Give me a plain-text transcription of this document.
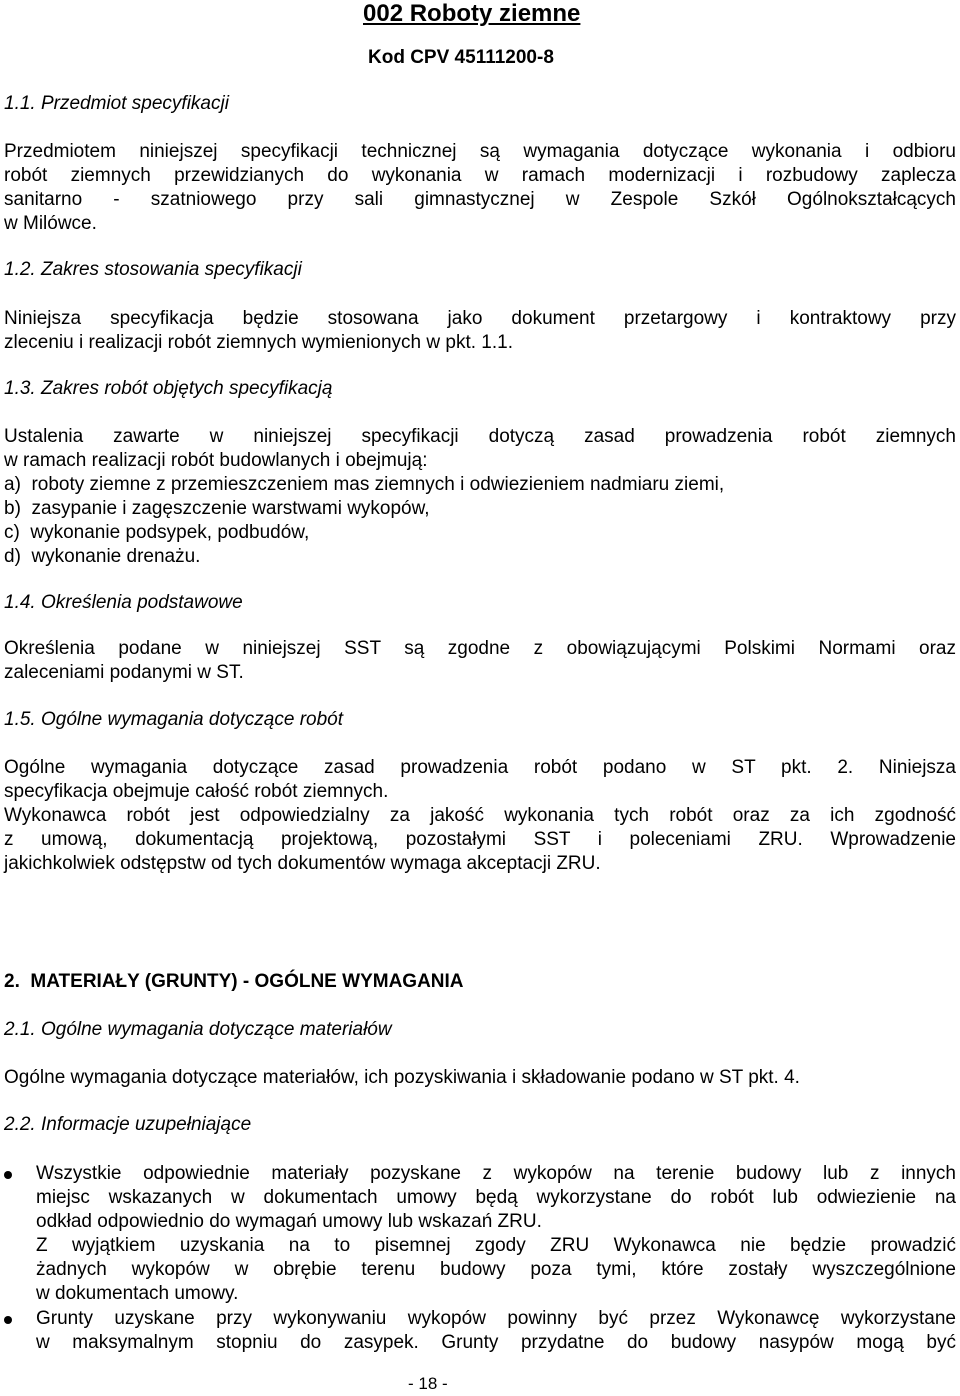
002 Roboty ziemne
Kod CPV 45111200-8
1.1. Przedmiot specyfikacji
Przedmiotem niniejszej specyfikacji technicznej są wymagania dotyczące wykonania i odbioru
robót ziemnych przewidzianych do wykonania w ramach modernizacji i rozbudowy zaplecza
sanitarno - szatniowego przy sali gimnastycznej w Zespole Szkół Ogólnokształcących
w Milówce.
1.2. Zakres stosowania specyfikacji
Niniejsza specyfikacja będzie stosowana jako dokument przetargowy i kontraktowy przy
zleceniu i realizacji robót ziemnych wymienionych w pkt. 1.1.
1.3. Zakres robót objętych specyfikacją
Ustalenia zawarte w niniejszej specyfikacji dotyczą zasad prowadzenia robót ziemnych
w ramach realizacji robót budowlanych i obejmują:
a)  roboty ziemne z przemieszczeniem mas ziemnych i odwiezieniem nadmiaru ziemi,
b)  zasypanie i zagęszczenie warstwami wykopów,
c)  wykonanie podsypek, podbudów,
d)  wykonanie drenażu.
1.4. Określenia podstawowe
Określenia podane w niniejszej SST są zgodne z obowiązującymi Polskimi Normami oraz
zaleceniami podanymi w ST.
1.5. Ogólne wymagania dotyczące robót
Ogólne wymagania dotyczące zasad prowadzenia robót podano w ST pkt. 2. Niniejsza
specyfikacja obejmuje całość robót ziemnych.
Wykonawca robót jest odpowiedzialny za jakość wykonania tych robót oraz za ich zgodność
z umową, dokumentacją projektową, pozostałymi SST i poleceniami ZRU. Wprowadzenie
jakichkolwiek odstępstw od tych dokumentów wymaga akceptacji ZRU.
2.  MATERIAŁY (GRUNTY) - OGÓLNE WYMAGANIA
2.1. Ogólne wymagania dotyczące materiałów
Ogólne wymagania dotyczące materiałów, ich pozyskiwania i składowanie podano w ST pkt. 4.
2.2. Informacje uzupełniające
Wszystkie odpowiednie materiały pozyskane z wykopów na terenie budowy lub z innych
miejsc wskazanych w dokumentach umowy będą wykorzystane do robót lub odwiezienie na
odkład odpowiednio do wymagań umowy lub wskazań ZRU.
Z wyjątkiem uzyskania na to pisemnej zgody ZRU Wykonawca nie będzie prowadzić
żadnych wykopów w obrębie terenu budowy poza tymi, które zostały wyszczególnione
w dokumentach umowy.
Grunty uzyskane przy wykonywaniu wykopów powinny być przez Wykonawcę wykorzystane
w maksymalnym stopniu do zasypek. Grunty przydatne do budowy nasypów mogą być
- 18 -
